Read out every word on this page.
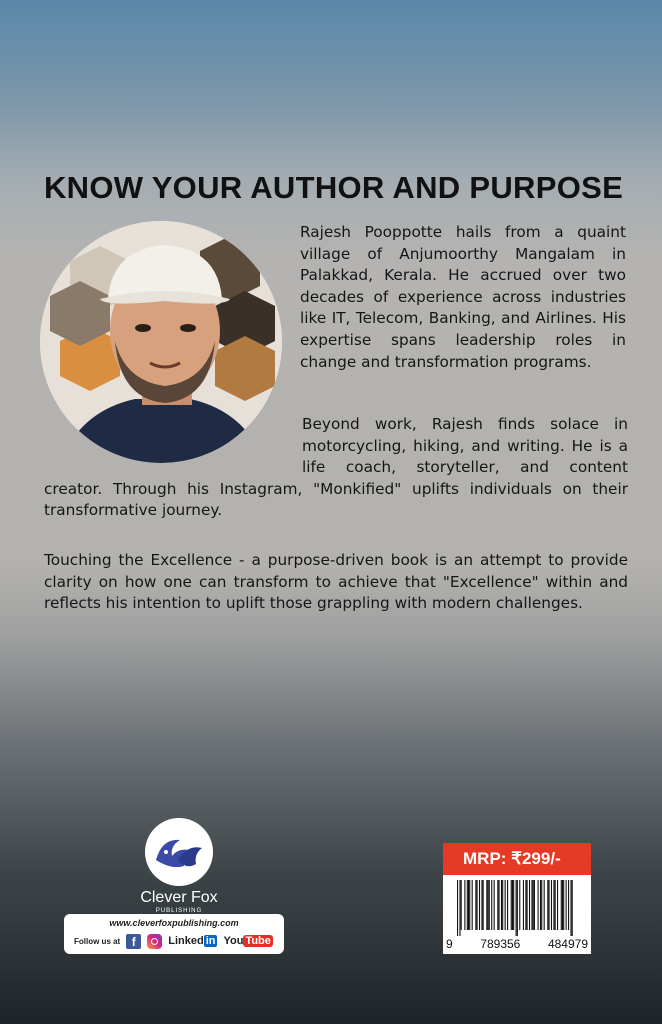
KNOW YOUR AUTHOR AND PURPOSE

Rajesh Pooppotte hails from a quaint village of Anjumoorthy Mangalam in Palakkad, Kerala. He accrued over two decades of experience across industries like IT, Telecom, Banking, and Airlines. His expertise spans leadership roles in change and transformation programs.

Beyond work, Rajesh finds solace in motorcycling, hiking, and writing. He is a life coach, storyteller, and content creator. Through his Instagram, "Monkified" uplifts individuals on their transformative journey.

Touching the Excellence - a purpose-driven book is an attempt to provide clarity on how one can transform to achieve that "Excellence" within and reflects his intention to uplift those grappling with modern challenges.

Clever Fox
PUBLISHING
www.cleverfoxpublishing.com
Follow us at f	Linked in You Tube
MRP: ₹299/-
9 789356 484979
